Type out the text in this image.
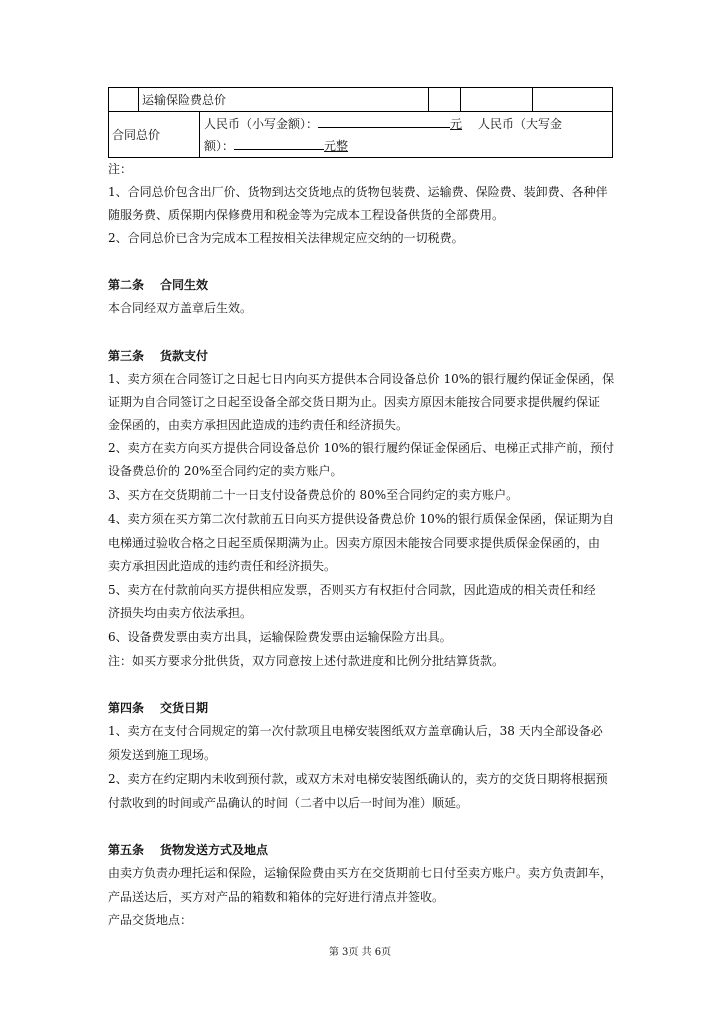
	运输保险费总价				
合同总价		人民币（小写金额）： 元 人民币（大写金
额）： 元整			
注：
1、合同总价包含出厂价、货物到达交货地点的货物包装费、运输费、保险费、装卸费、各种伴
随服务费、质保期内保修费用和税金等为完成本工程设备供货的全部费用。
2、合同总价已含为完成本工程按相关法律规定应交纳的一切税费。
第二条 合同生效
本合同经双方盖章后生效。
第三条 货款支付
1、卖方须在合同签订之日起七日内向买方提供本合同设备总价 10%的银行履约保证金保函，保
证期为自合同签订之日起至设备全部交货日期为止。因卖方原因未能按合同要求提供履约保证
金保函的，由卖方承担因此造成的违约责任和经济损失。
2、卖方在卖方向买方提供合同设备总价 10%的银行履约保证金保函后、电梯正式排产前，预付
设备费总价的 20%至合同约定的卖方账户。
3、买方在交货期前二十一日支付设备费总价的 80%至合同约定的卖方账户。
4、卖方须在买方第二次付款前五日向买方提供设备费总价 10%的银行质保金保函，保证期为自
电梯通过验收合格之日起至质保期满为止。因卖方原因未能按合同要求提供质保金保函的，由
卖方承担因此造成的违约责任和经济损失。
5、卖方在付款前向买方提供相应发票，否则买方有权拒付合同款，因此造成的相关责任和经
济损失均由卖方依法承担。
6、设备费发票由卖方出具，运输保险费发票由运输保险方出具。
注：如买方要求分批供货，双方同意按上述付款进度和比例分批结算货款。
第四条 交货日期
1、卖方在支付合同规定的第一次付款项且电梯安装图纸双方盖章确认后，38 天内全部设备必
须发送到施工现场。
2、卖方在约定期内未收到预付款，或双方未对电梯安装图纸确认的，卖方的交货日期将根据预
付款收到的时间或产品确认的时间（二者中以后一时间为准）顺延。
第五条 货物发送方式及地点
由卖方负责办理托运和保险，运输保险费由买方在交货期前七日付至卖方账户。卖方负责卸车，
产品送达后，买方对产品的箱数和箱体的完好进行清点并签收。
产品交货地点：
第 3页 共 6页
